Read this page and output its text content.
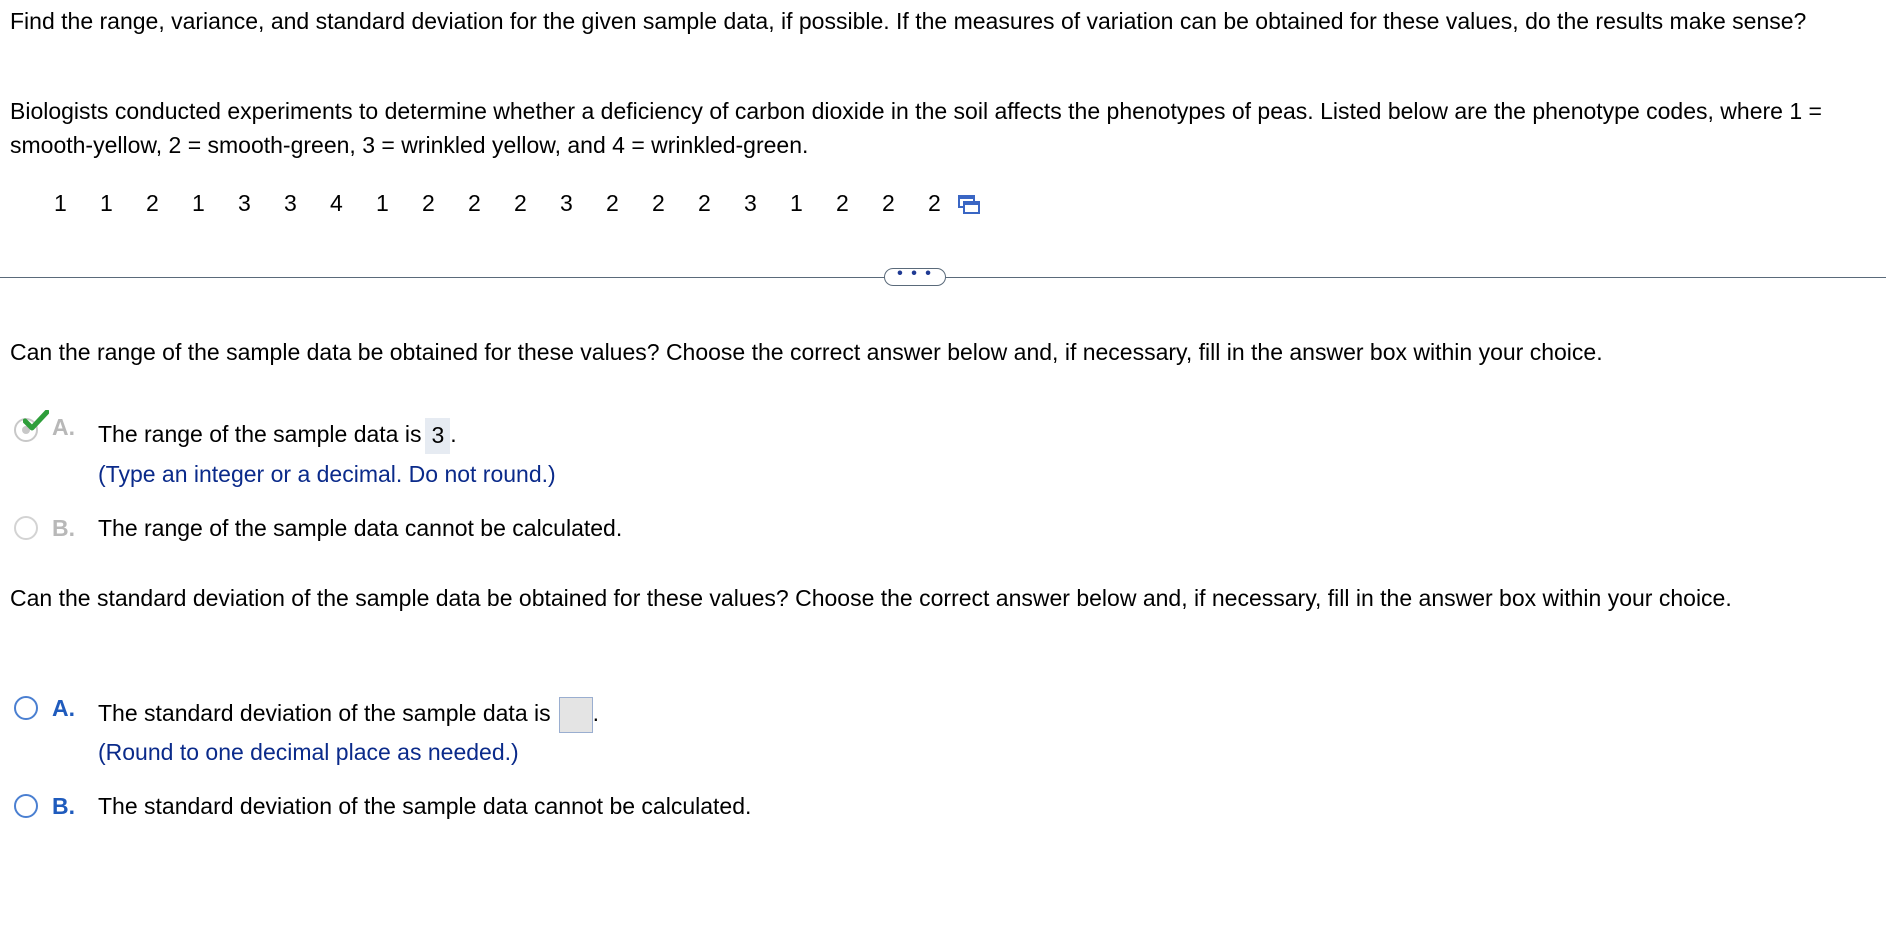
Find the range, variance, and standard deviation for the given sample data, if possible. If the measures of variation can be obtained for these values, do the results make sense?
Biologists conducted experiments to determine whether a deficiency of carbon dioxide in the soil affects the phenotypes of peas. Listed below are the phenotype codes, where 1 = smooth-yellow, 2 = smooth-green, 3 = wrinkled yellow, and 4 = wrinkled-green.
1	1	2	1	3	3	4	1	2	2	2	3	2	2	2	3	1	2	2	2
• • •
Can the range of the sample data be obtained for these values? Choose the correct answer below and, if necessary, fill in the answer box within your choice.
A. The range of the sample data is 3 .
(Type an integer or a decimal. Do not round.)
B. The range of the sample data cannot be calculated.
Can the standard deviation of the sample data be obtained for these values? Choose the correct answer below and, if necessary, fill in the answer box within your choice.
A. The standard deviation of the sample data is .
(Round to one decimal place as needed.)
B. The standard deviation of the sample data cannot be calculated.
